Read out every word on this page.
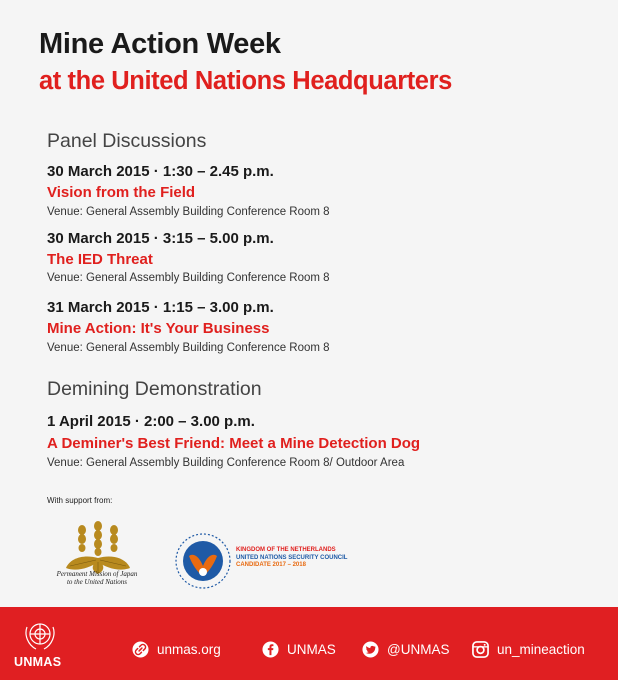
Mine Action Week
at the United Nations Headquarters
Panel Discussions
30 March 2015 · 1:30 – 2.45 p.m.
Vision from the Field
Venue: General Assembly Building Conference Room 8
30 March 2015 · 3:15 – 5.00 p.m.
The IED Threat
Venue: General Assembly Building Conference Room 8
31 March 2015 · 1:15 – 3.00 p.m.
Mine Action: It's Your Business
Venue: General Assembly Building Conference Room 8
Demining Demonstration
1 April 2015 · 2:00 – 3.00 p.m.
A Deminer's Best Friend: Meet a Mine Detection Dog
Venue: General Assembly Building Conference Room 8/ Outdoor Area
With support from:
Permanent Mission of Japan
to the United Nations
KINGDOM OF THE NETHERLANDS
UNITED NATIONS SECURITY COUNCIL
CANDIDATE 2017 – 2018
UNMAS
unmas.org	UNMAS	@UNMAS	un_mineaction
